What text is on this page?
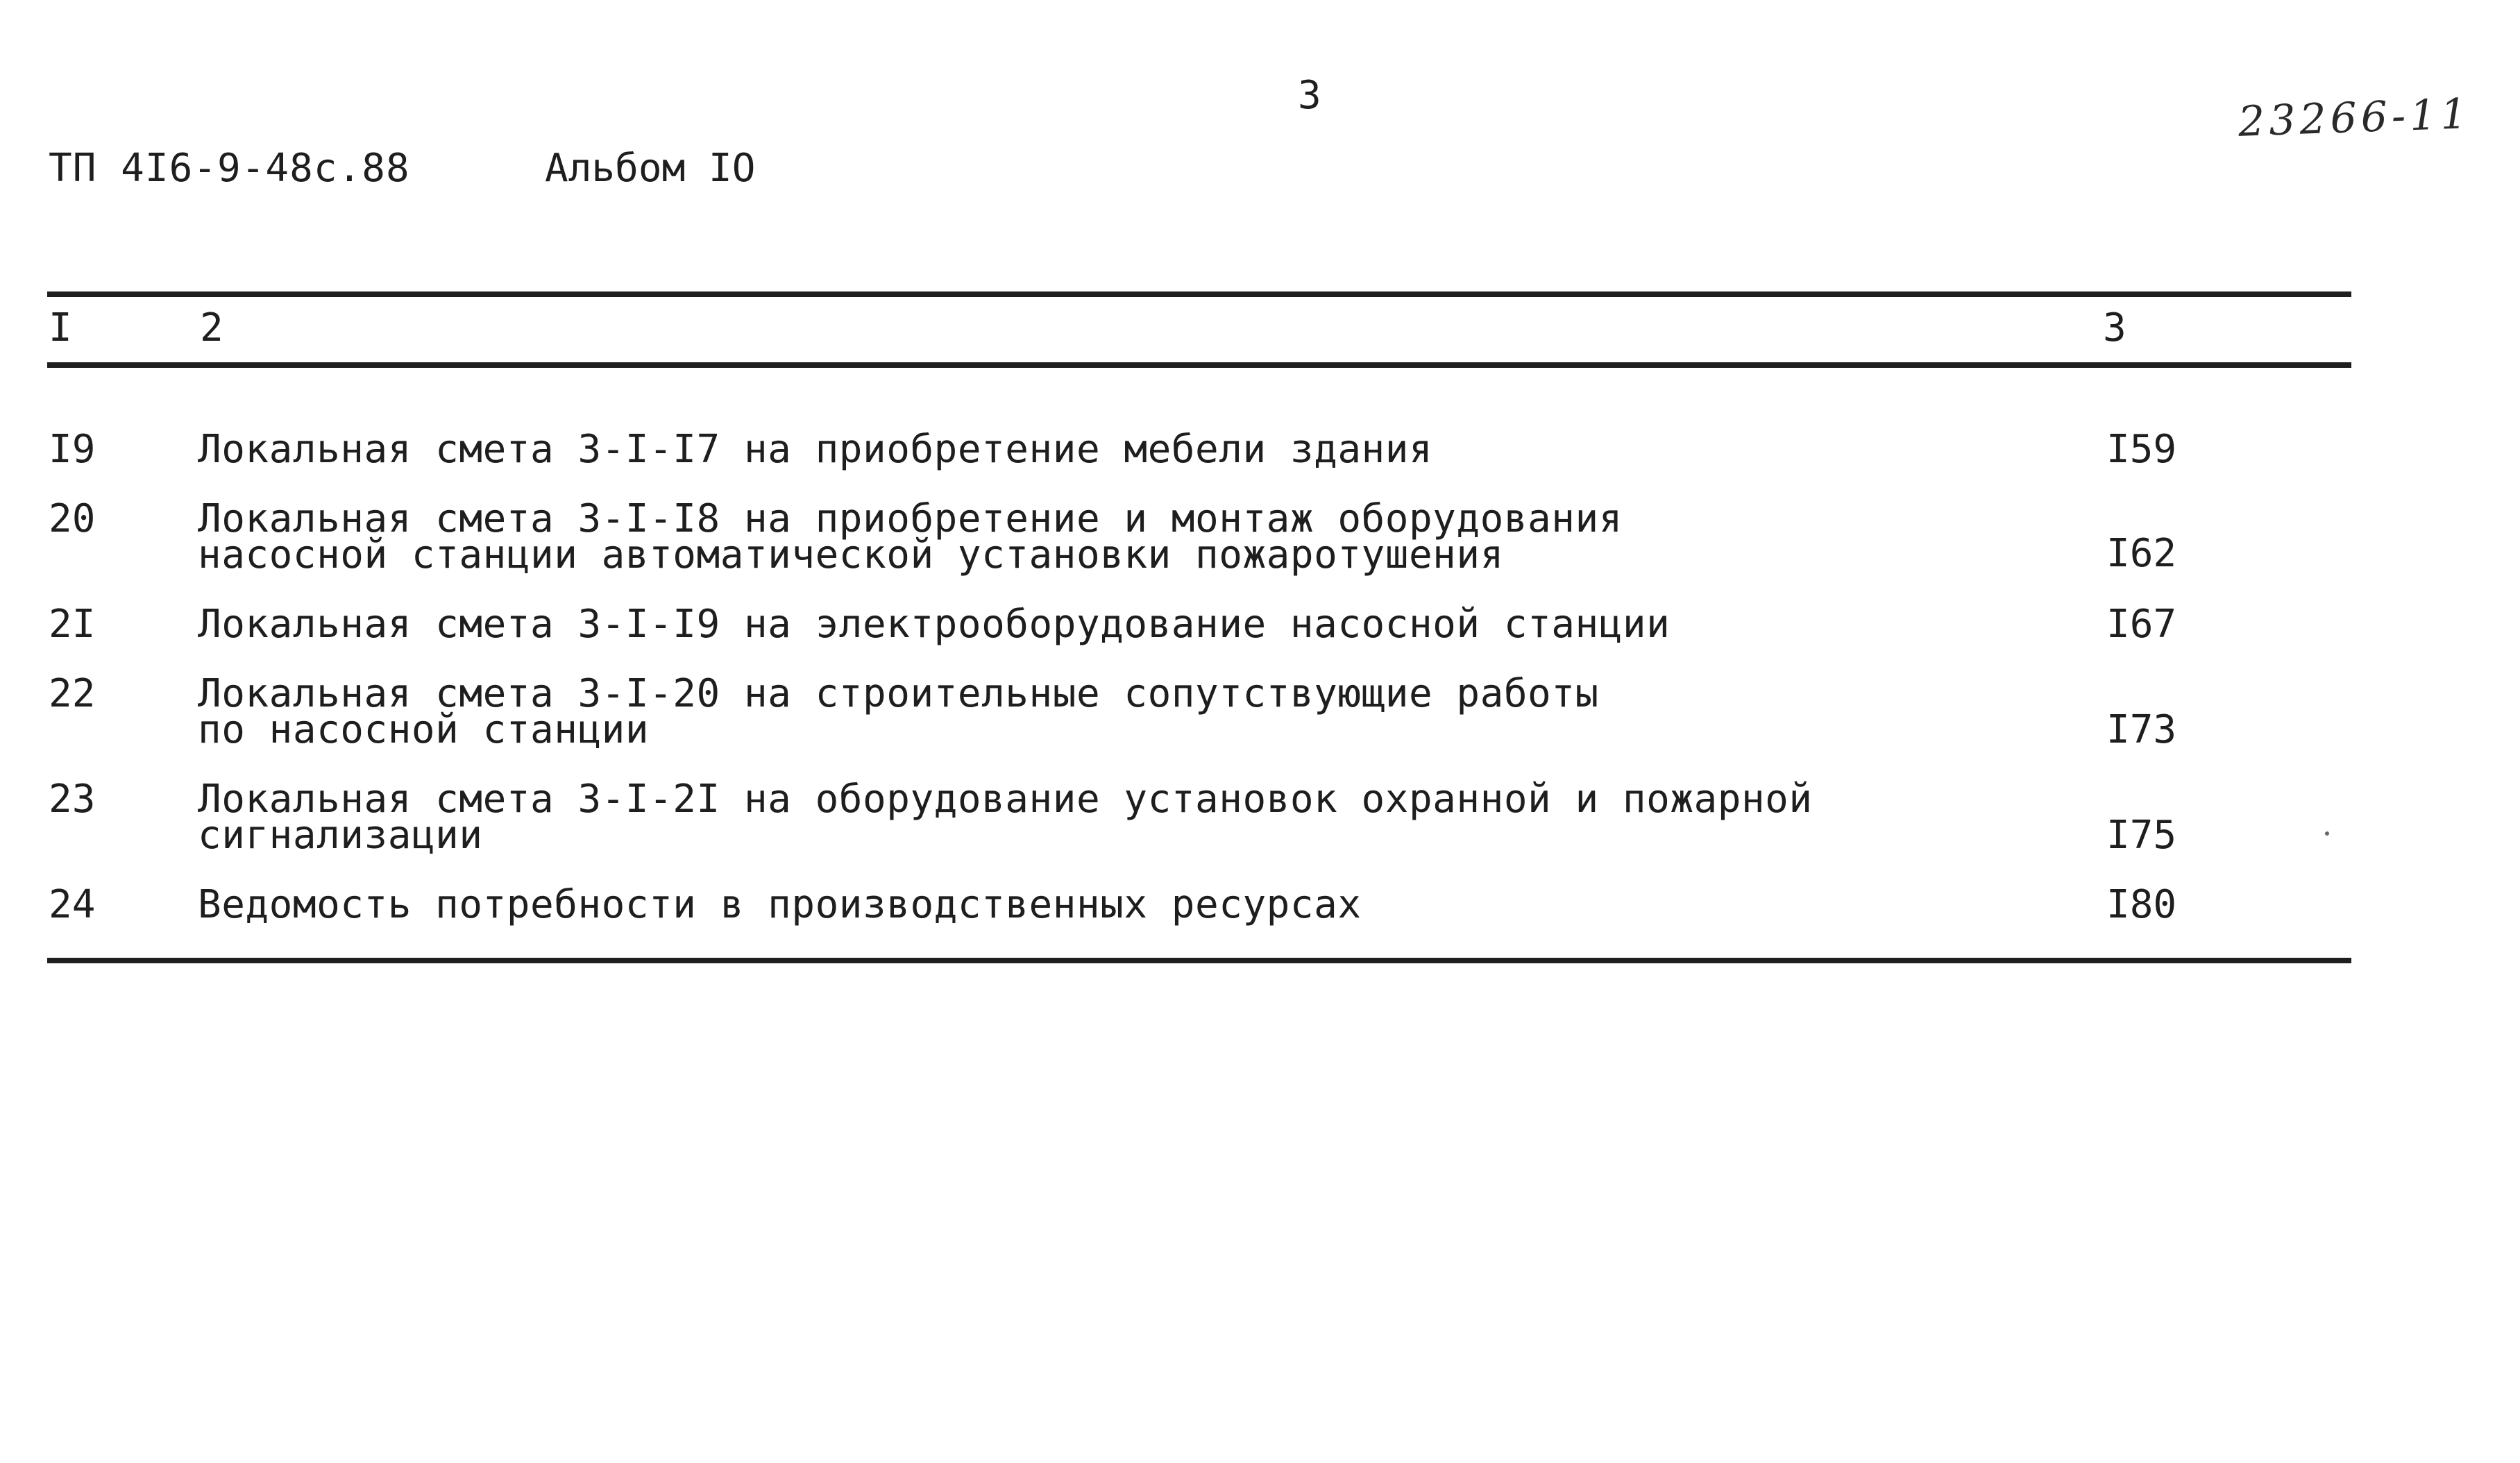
3
ТП 4I6-9-48с.88	Альбом IO
23266-11
I	2	3
I9	Локальная смета 3-I-I7 на приобретение мебели здания	I59
20	Локальная смета 3-I-I8 на приобретение и монтаж оборудования
насосной станции автоматической установки пожаротушения	I62
2I	Локальная смета 3-I-I9 на электрооборудование насосной станции	I67
22	Локальная смета 3-I-20 на строительные сопутствующие работы
по насосной станции	I73
23	Локальная смета 3-I-2I на оборудование установок охранной и пожарной
сигнализации	I75
24	Ведомость потребности в производственных ресурсах	I80
